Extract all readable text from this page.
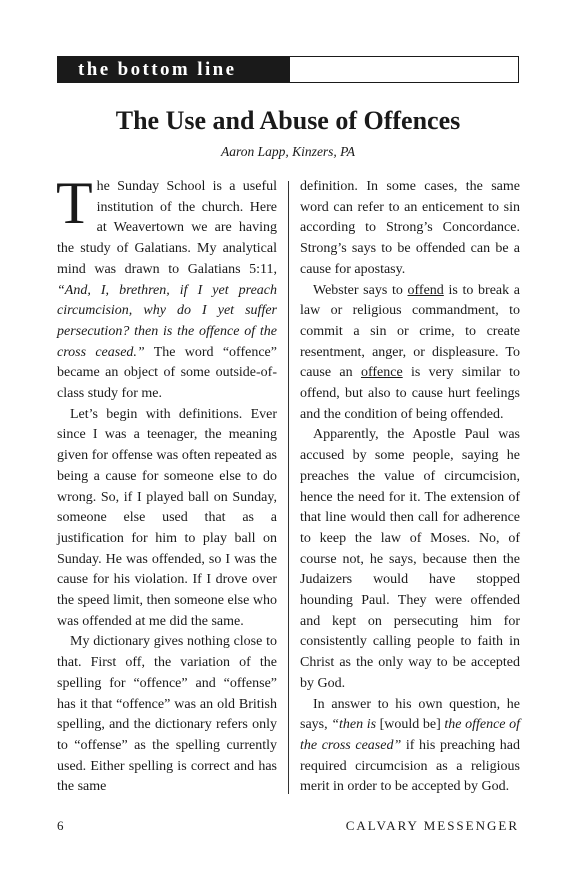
the bottom line
The Use and Abuse of Offences
Aaron Lapp, Kinzers, PA

The Sunday School is a useful institution of the church. Here at Weavertown we are having the study of Galatians. My analytical mind was drawn to Galatians 5:11, “And, I, brethren, if I yet preach circumcision, why do I yet suffer persecution? then is the offence of the cross ceased.” The word “offence” became an object of some outside-of-class study for me.

Let’s begin with definitions. Ever since I was a teenager, the meaning given for offense was often repeated as being a cause for someone else to do wrong. So, if I played ball on Sunday, someone else used that as a justification for him to play ball on Sunday. He was offended, so I was the cause for his violation. If I drove over the speed limit, then someone else who was offended at me did the same.

My dictionary gives nothing close to that. First off, the variation of the spelling for “offence” and “offense” has it that “offence” was an old British spelling, and the dictionary refers only to “offense” as the spelling currently used. Either spelling is correct and has the same

definition. In some cases, the same word can refer to an enticement to sin according to Strong’s Concordance. Strong’s says to be offended can be a cause for apostasy.

Webster says to offend is to break a law or religious commandment, to commit a sin or crime, to create resentment, anger, or displeasure. To cause an offence is very similar to offend, but also to cause hurt feelings and the condition of being offended.

Apparently, the Apostle Paul was accused by some people, saying he preaches the value of circumcision, hence the need for it. The extension of that line would then call for adherence to keep the law of Moses. No, of course not, he says, because then the Judaizers would have stopped hounding Paul. They were offended and kept on persecuting him for consistently calling people to faith in Christ as the only way to be accepted by God.

In answer to his own question, he says, “then is [would be] the offence of the cross ceased” if his preaching had required circumcision as a religious merit in order to be accepted by God.

6	CALVARY MESSENGER
